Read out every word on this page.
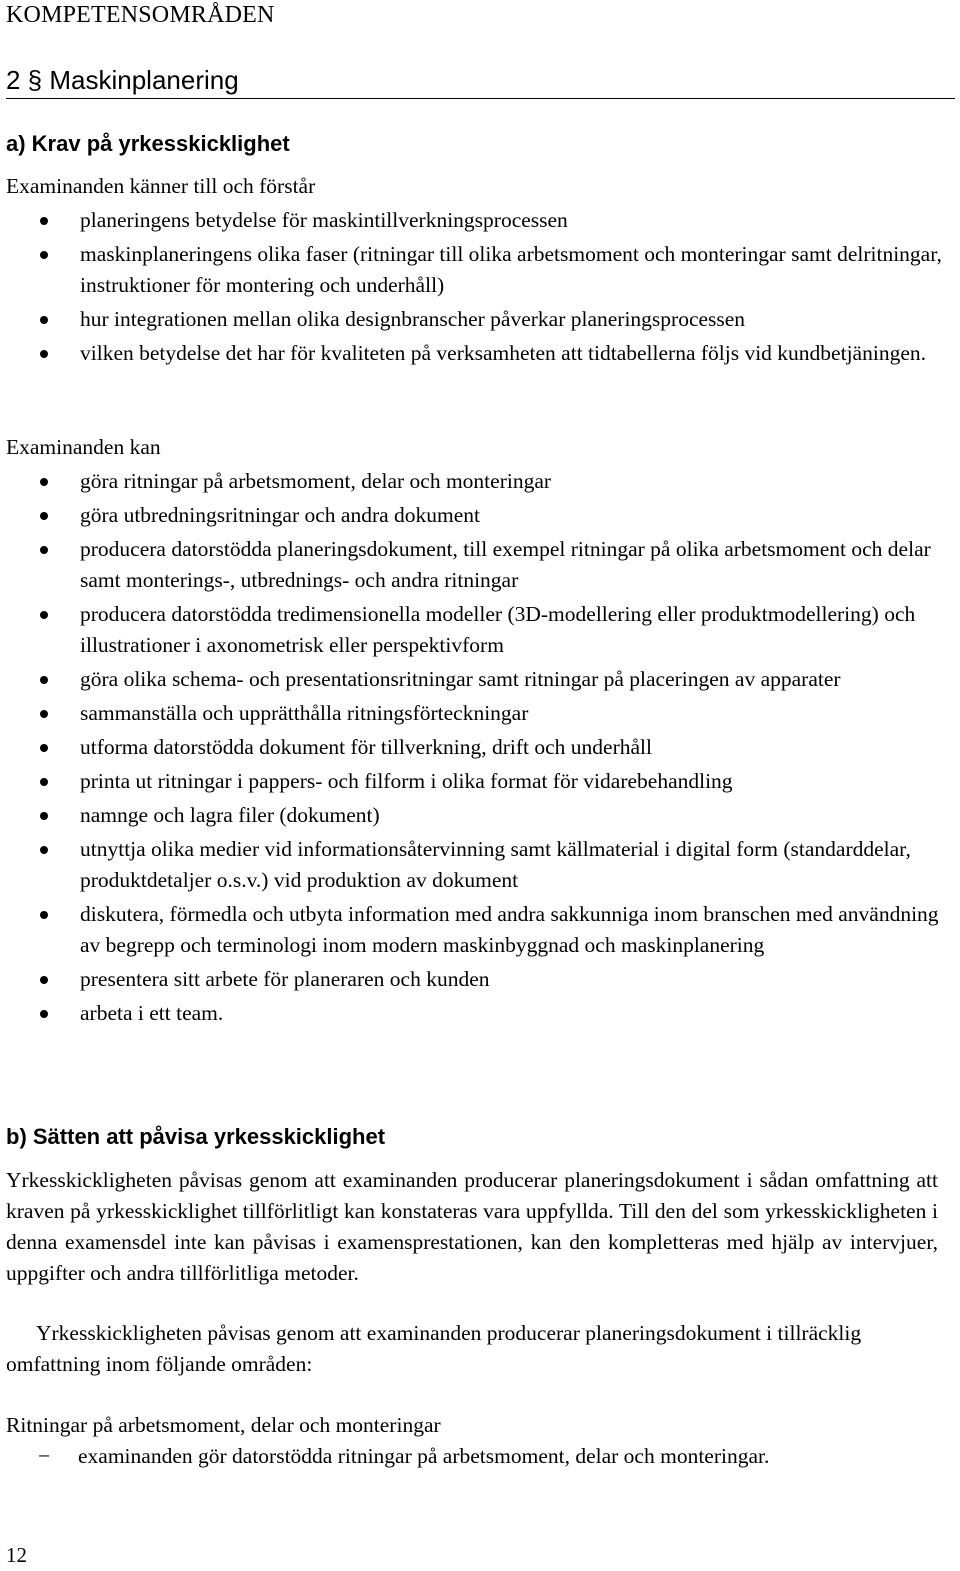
KOMPETENSOMRÅDEN
2 § Maskinplanering
a) Krav på yrkesskicklighet
Examinanden känner till och förstår
planeringens betydelse för maskintillverkningsprocessen
maskinplaneringens olika faser (ritningar till olika arbetsmoment och monteringar samt delritningar, instruktioner för montering och underhåll)
hur integrationen mellan olika designbranscher påverkar planeringsprocessen
vilken betydelse det har för kvaliteten på verksamheten att tidtabellerna följs vid kundbetjäningen.
Examinanden kan
göra ritningar på arbetsmoment, delar och monteringar
göra utbredningsritningar och andra dokument
producera datorstödda planeringsdokument, till exempel ritningar på olika arbetsmoment och delar samt monterings-, utbrednings- och andra ritningar
producera datorstödda tredimensionella modeller (3D-modellering eller produktmodellering) och illustrationer i axonometrisk eller perspektivform
göra olika schema- och presentationsritningar samt ritningar på placeringen av apparater
sammanställa och upprätthålla ritningsförteckningar
utforma datorstödda dokument för tillverkning, drift och underhåll
printa ut ritningar i pappers- och filform i olika format för vidarebehandling
namnge och lagra filer (dokument)
utnyttja olika medier vid informationsåtervinning samt källmaterial i digital form (standarddelar, produktdetaljer o.s.v.) vid produktion av dokument
diskutera, förmedla och utbyta information med andra sakkunniga inom branschen med användning av begrepp och terminologi inom modern maskinbyggnad och maskinplanering
presentera sitt arbete för planeraren och kunden
arbeta i ett team.
b) Sätten att påvisa yrkesskicklighet
Yrkesskickligheten påvisas genom att examinanden producerar planeringsdokument i sådan omfattning att kraven på yrkesskicklighet tillförlitligt kan konstateras vara uppfyllda. Till den del som yrkesskickligheten i denna examensdel inte kan påvisas i examensprestationen, kan den kompletteras med hjälp av intervjuer, uppgifter och andra tillförlitliga metoder.
Yrkesskickligheten påvisas genom att examinanden producerar planeringsdokument i tillräcklig omfattning inom följande områden:
Ritningar på arbetsmoment, delar och monteringar
− examinanden gör datorstödda ritningar på arbetsmoment, delar och monteringar.
12
